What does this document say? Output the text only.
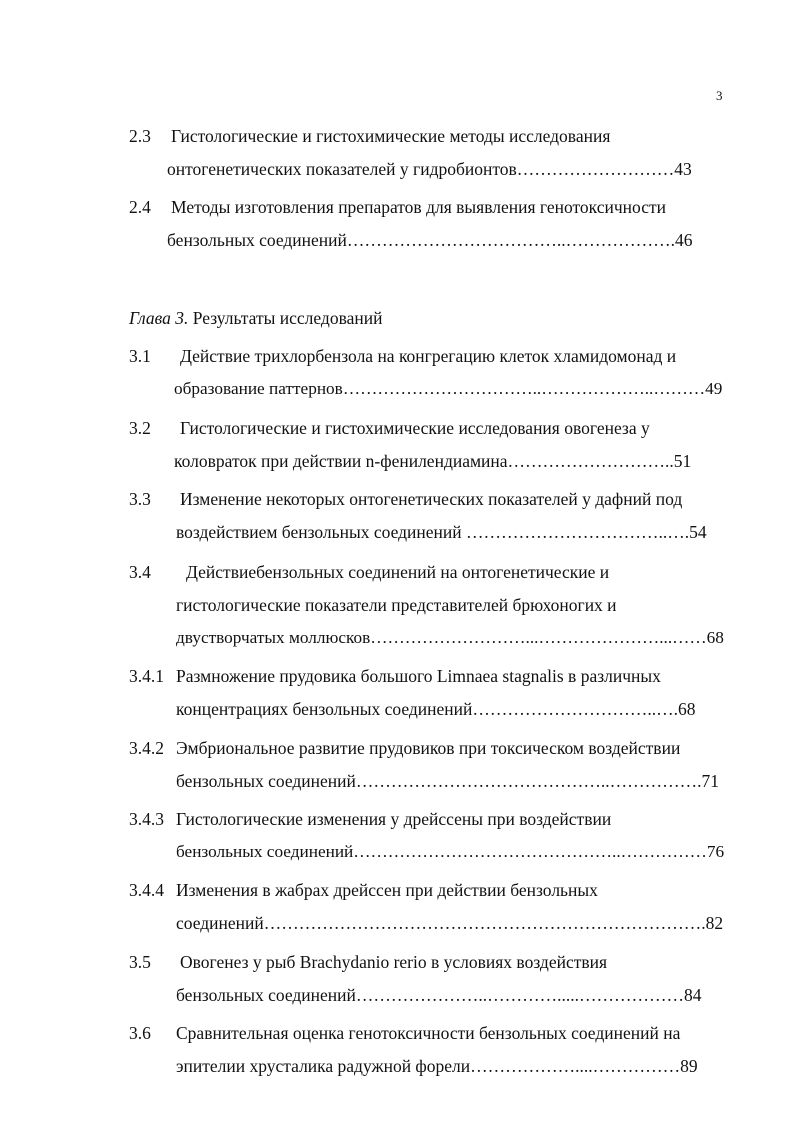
3
2.3 Гистологические и гистохимические методы исследования
онтогенетических показателей у гидробионтов………………………43
2.4 Методы изготовления препаратов для выявления генотоксичности
бензольных соединений………………………………..……………….46
Глава 3. Результаты исследований
3.1 Действие трихлорбензола на конгрегацию клеток хламидомонад и
образование паттернов……………………………..………………..………49
3.2 Гистологические и гистохимические исследования овогенеза у
коловраток при действии n-фенилендиамина………………………..51
3.3 Изменение некоторых онтогенетических показателей у дафний под
воздействием бензольных соединений ……………………………..….54
3.4 Действиебензольных соединений на онтогенетические и
гистологические показатели представителей брюхоногих и
двустворчатых моллюсков………………………...…………………...……68
3.4.1 Размножение прудовика большого Limnaea stagnalis в различных
концентрациях бензольных соединений…………………………..….68
3.4.2 Эмбриональное развитие прудовиков при токсическом воздействии
бензольных соединений……………………………………..…………….71
3.4.3 Гистологические изменения у дрейссены при воздействии
бензольных соединений………………………………………..……………76
3.4.4 Изменения в жабрах дрейссен при действии бензольных
соединений………………………………………………………………….82
3.5 Овогенез у рыб Brachydanio rerio в условиях воздействия
бензольных соединений…………………..………….....………………84
3.6 Сравнительная оценка генотоксичности бензольных соединений на
эпителии хрусталика радужной форели………………....……………89
